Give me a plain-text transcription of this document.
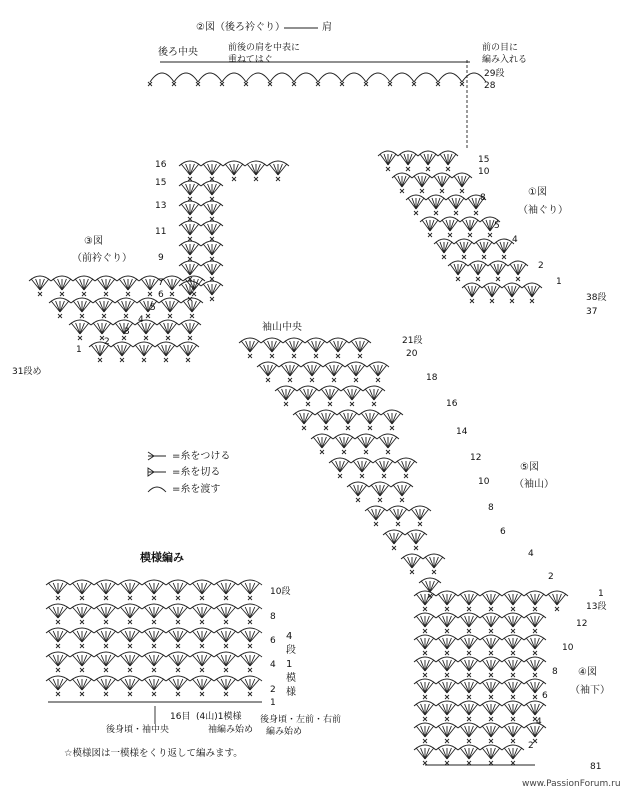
②図（後ろ衿ぐり）	肩
後ろ中央	前後の肩を中表に
重ねてはぐ
前の目に
編み入れる
29段
28
①図
（袖ぐり）
15
10
8
5
4
2
1
38段
37
③図
（前衿ぐり）
16
15
13
11
9
7
6
5
4
3
2
1
31段め
袖山中央
21段
20
18
16
14
12
10
8
6
4
2
1
⑤図
（袖山）
13段
12
10
8
6
4
2
④図
（袖下）
=糸をつける
=糸を切る
=糸を渡す
模様編み
10段
8
6
4
2
1
4
段
1
模
様
16目 (4山)1模様
後身頃・袖中央
後身頃・左前・右前
袖編み始め 編み始め
☆模様図は一模様をくり返して編みます。
81
www.PassionForum.ru
